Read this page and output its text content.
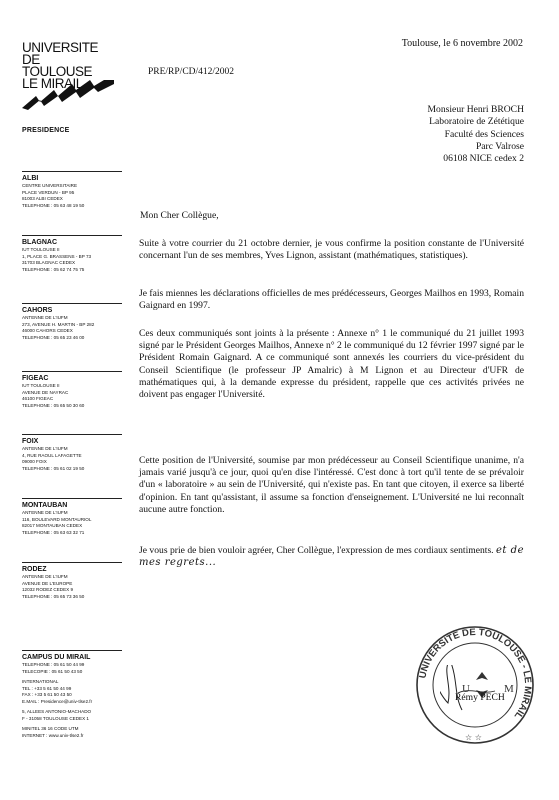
UNIVERSITE
DE TOULOUSE
LE MIRAIL
PRESIDENCE
ALBI
CENTRE UNIVERSITAIRE
PLACE VERDUN - BP 95
81003 ALBI CEDEX
TELEPHONE : 05 63 48 19 50
BLAGNAC
IUT TOULOUSE II
1, PLACE G. BRASSENS - BP 73
31703 BLAGNAC CEDEX
TELEPHONE : 05 62 74 75 75
CAHORS
ANTENNE DE L'IUFM
273, AVENUE H. MARTIN - BP 282
46000 CAHORS CEDEX
TELEPHONE : 05 65 23 46 00
FIGEAC
IUT TOULOUSE II
AVENUE DE NAYRAC
46100 FIGEAC
TELEPHONE : 05 65 50 30 60
FOIX
ANTENNE DE L'IUFM
4, RUE RAOUL LAFAGETTE
09000 FOIX
TELEPHONE : 05 61 02 19 50
MONTAUBAN
ANTENNE DE L'IUFM
116, BOULEVARD MONTAURIOL
82017 MONTAUBAN CEDEX
TELEPHONE : 05 63 63 32 71
RODEZ
ANTENNE DE L'IUFM
AVENUE DE L'EUROPE
12032 RODEZ CEDEX 9
TELEPHONE : 05 65 73 36 50
CAMPUS DU MIRAIL
TELEPHONE : 05 61 50 44 99
TELECOPIE : 05 61 50 43 50
INTERNATIONAL
TEL : +33 5 61 50 44 99
FAX : +33 5 61 50 43 50
E.MAIL : Presidence@univ-tlse2.fr
5, ALLEES ANTONIO-MACHADO
F - 31058 TOULOUSE CEDEX 1
MINITEL 36 16 CODE UTM
INTERNET : www.univ-tlse2.fr
Toulouse, le 6 novembre 2002
PRE/RP/CD/412/2002
Monsieur Henri BROCH
Laboratoire de Zététique
Faculté des Sciences
Parc Valrose
06108 NICE cedex 2
Mon Cher Collègue,
Suite à votre courrier du 21 octobre dernier, je vous confirme la position constante de l'Université concernant l'un de ses membres, Yves Lignon, assistant (mathématiques, statistiques).
Je fais miennes les déclarations officielles de mes prédécesseurs, Georges Mailhos en 1993, Romain Gaignard en 1997.
Ces deux communiqués sont joints à la présente : Annexe n° 1 le communiqué du 21 juillet 1993 signé par le Président Georges Mailhos, Annexe n° 2 le communiqué du 12 février 1997 signé par le Président Romain Gaignard. A ce communiqué sont annexés les courriers du vice-président du Conseil Scientifique (le professeur JP Amalric) à M Lignon et au Directeur d'UFR de mathématiques qui, à la demande expresse du président, rappelle que ces activités privées ne doivent pas engager l'Université.
Cette position de l'Université, soumise par mon prédécesseur au Conseil Scientifique unanime, n'a jamais varié jusqu'à ce jour, quoi qu'en dise l'intéressé. C'est donc à tort qu'il tente de se prévaloir d'un « laboratoire » au sein de l'Université, qui n'existe pas. En tant que citoyen, il exerce sa liberté d'opinion. En tant qu'assistant, il assume sa fonction d'enseignement. L'Université ne lui reconnaît aucune autre fonction.
Je vous prie de bien vouloir agréer, Cher Collègue, l'expression de mes cordiaux sentiments. et de mes regrets...
UNIVERSITE DE TOULOUSE - LE MIRAIL
U	M
☆ ☆
Rémy PECH
